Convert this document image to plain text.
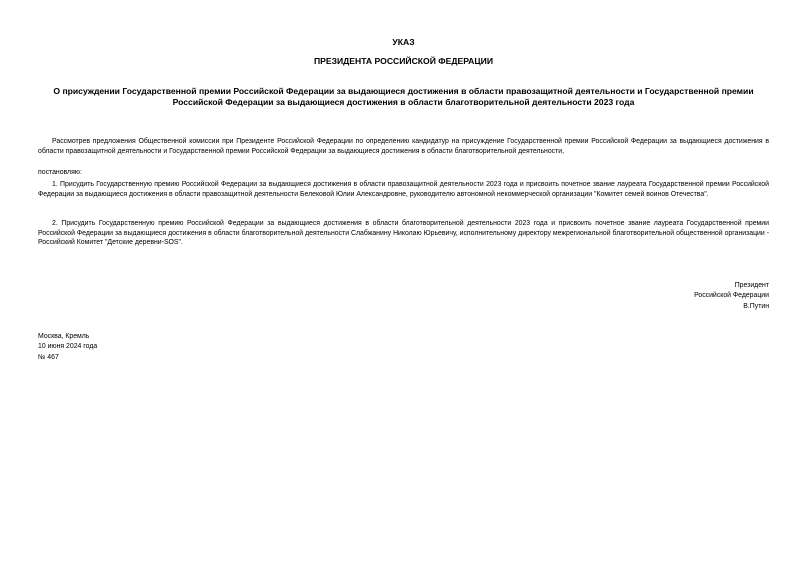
УКАЗ
ПРЕЗИДЕНТА РОССИЙСКОЙ ФЕДЕРАЦИИ
О присуждении Государственной премии Российской Федерации за выдающиеся достижения в области правозащитной деятельности и Государственной премии Российской Федерации за выдающиеся достижения в области благотворительной деятельности 2023 года
Рассмотрев предложения Общественной комиссии при Президенте Российской Федерации по определению кандидатур на присуждение Государственной премии Российской Федерации за выдающиеся достижения в области правозащитной деятельности и Государственной премии Российской Федерации за выдающиеся достижения в области благотворительной деятельности,
постановляю:
1. Присудить Государственную премию Российской Федерации за выдающиеся достижения в области правозащитной деятельности 2023 года и присвоить почетное звание лауреата Государственной премии Российской Федерации за выдающиеся достижения в области правозащитной деятельности Белековой Юлии Александровне, руководителю автономной некоммерческой организации "Комитет семей воинов Отечества".
2. Присудить Государственную премию Российской Федерации за выдающиеся достижения в области благотворительной деятельности 2023 года и присвоить почетное звание лауреата Государственной премии Российской Федерации за выдающиеся достижения в области благотворительной деятельности Слабжанину Николаю Юрьевичу, исполнительному директору межрегиональной благотворительной общественной организации - Российский Комитет "Детские деревни-SOS".
Президент
Российской Федерации
В.Путин
Москва, Кремль
10 июня 2024 года
№ 467
